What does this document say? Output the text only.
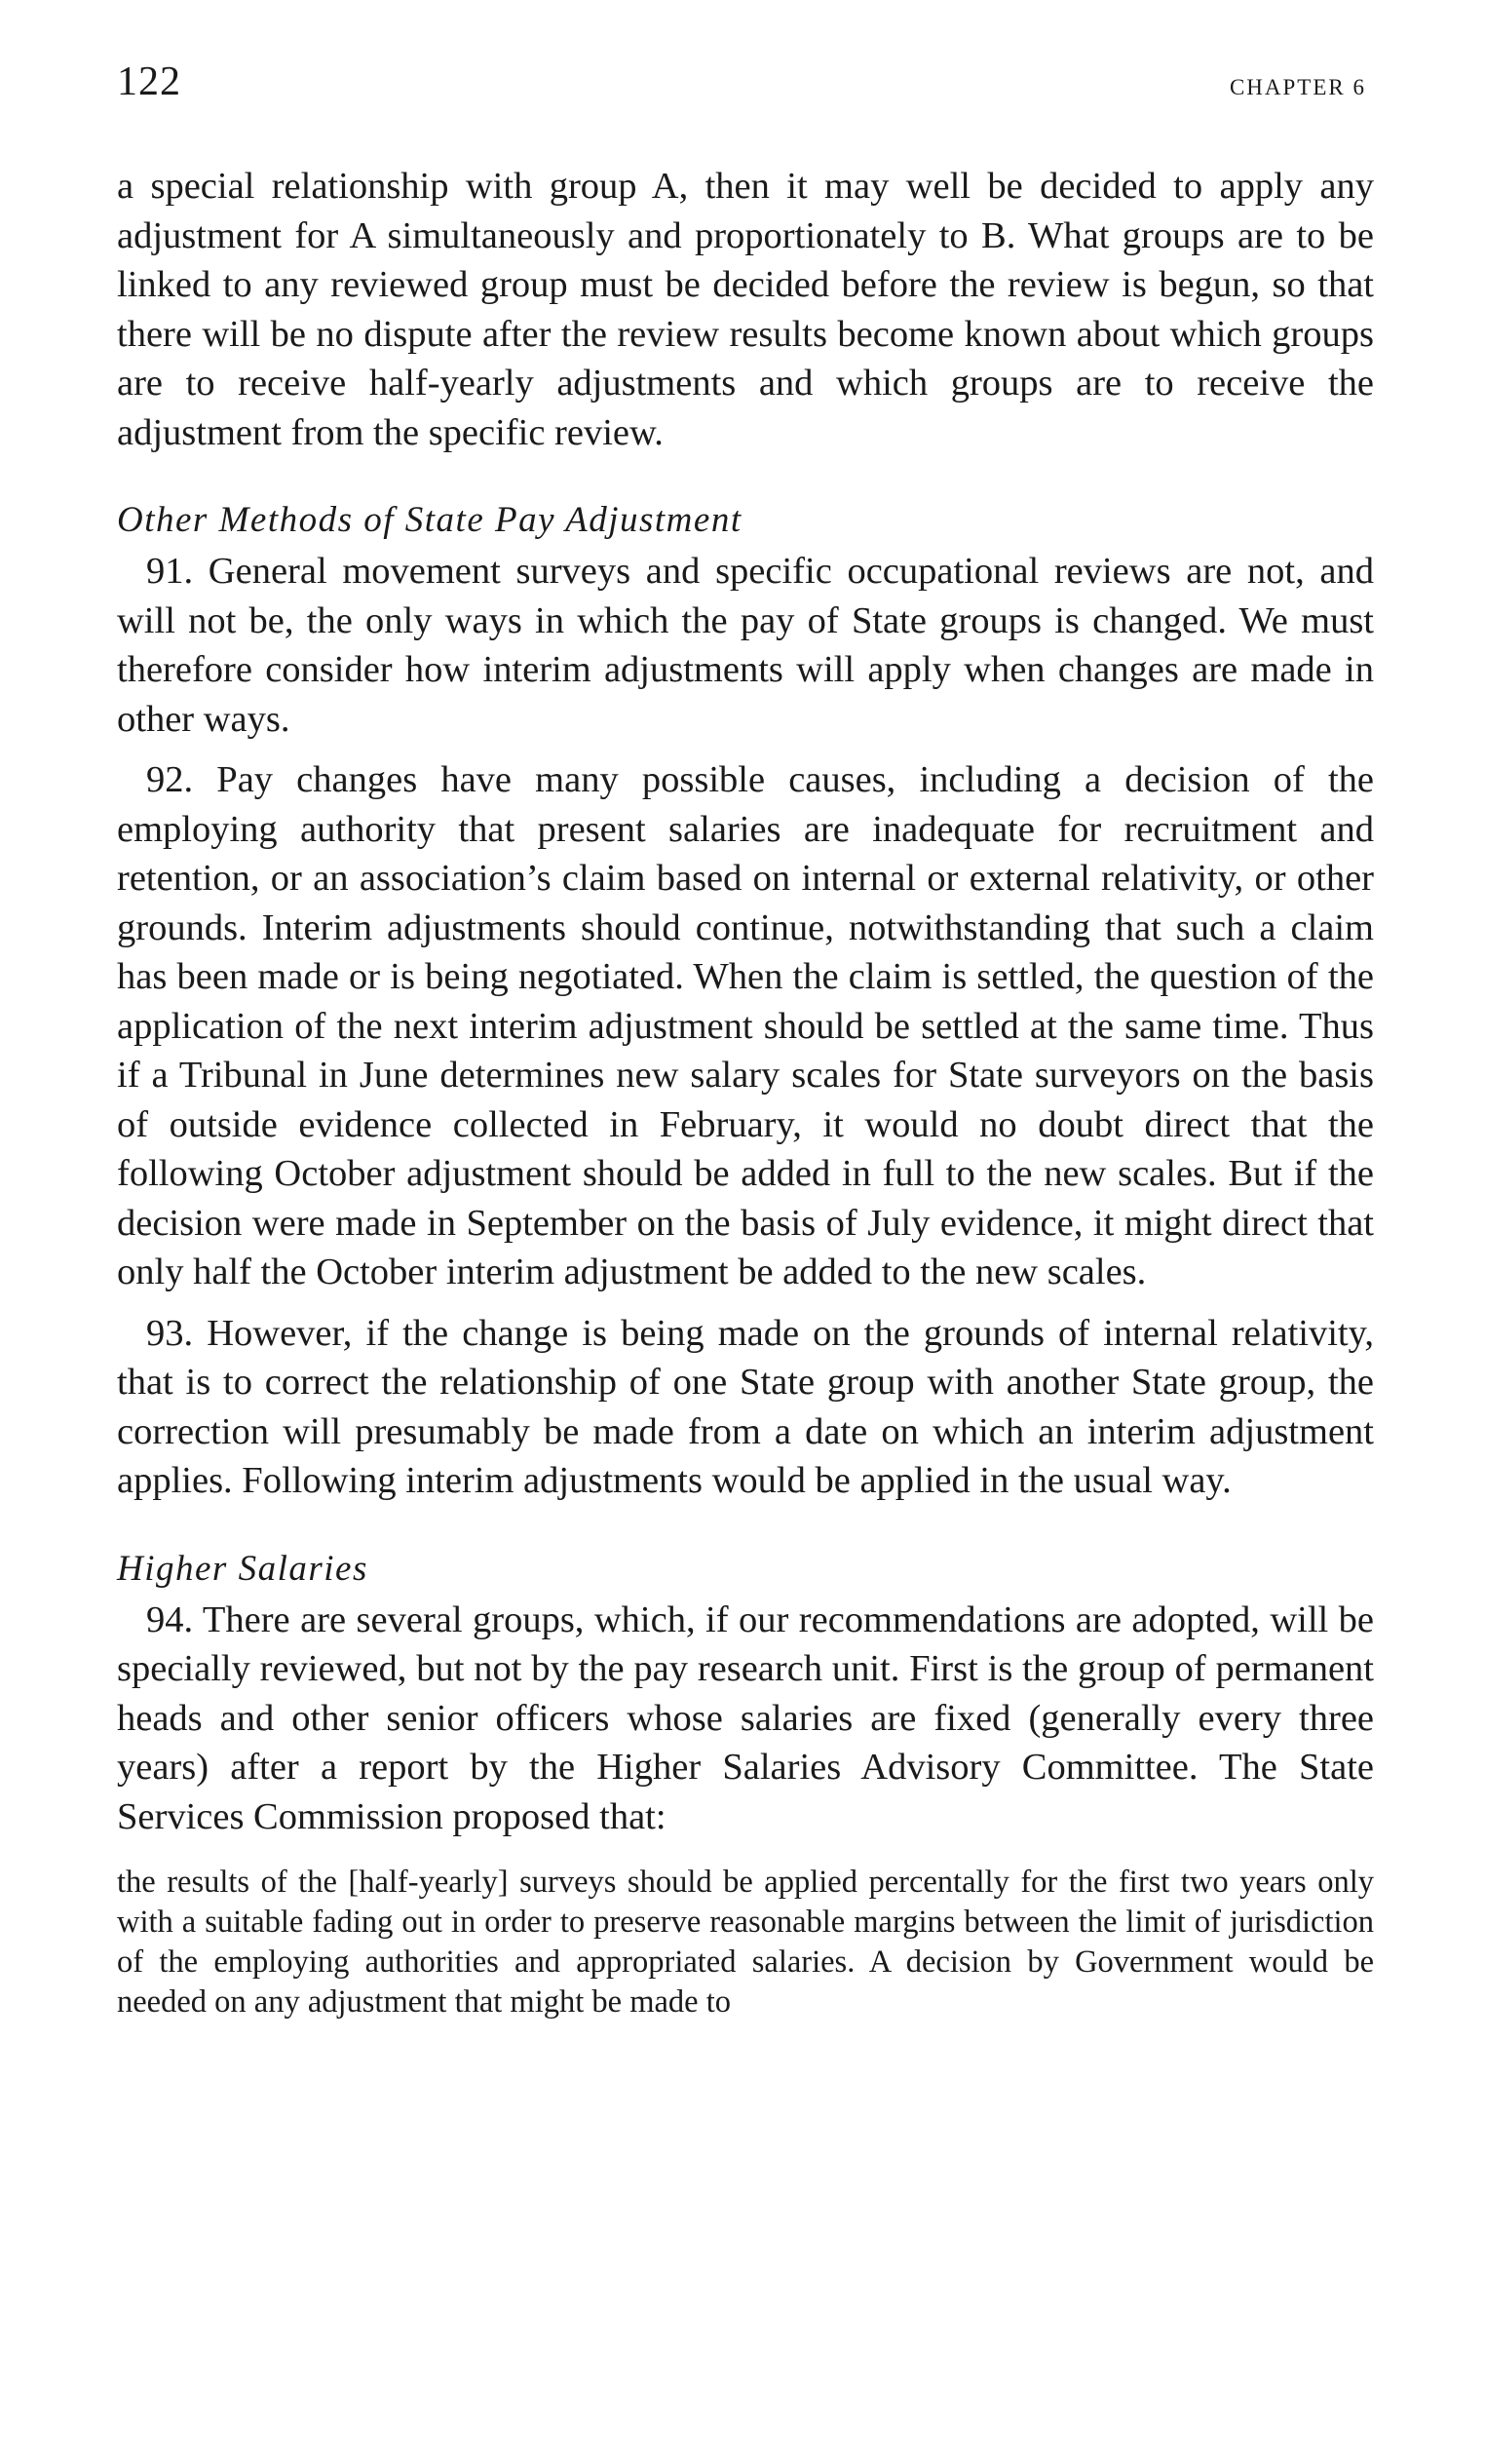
122	CHAPTER 6

a special relationship with group A, then it may well be decided to apply any adjustment for A simultaneously and proportionately to B. What groups are to be linked to any reviewed group must be decided before the review is begun, so that there will be no dispute after the review results become known about which groups are to receive half-yearly adjustments and which groups are to receive the adjustment from the specific review.

Other Methods of State Pay Adjustment

91. General movement surveys and specific occupational reviews are not, and will not be, the only ways in which the pay of State groups is changed. We must therefore consider how interim adjustments will apply when changes are made in other ways.

92. Pay changes have many possible causes, including a decision of the employing authority that present salaries are inadequate for recruitment and retention, or an association’s claim based on internal or external relativity, or other grounds. Interim adjustments should continue, notwithstanding that such a claim has been made or is being negotiated. When the claim is settled, the question of the application of the next interim adjustment should be settled at the same time. Thus if a Tribunal in June determines new salary scales for State surveyors on the basis of outside evidence collected in February, it would no doubt direct that the following October adjustment should be added in full to the new scales. But if the decision were made in September on the basis of July evidence, it might direct that only half the October interim adjustment be added to the new scales.

93. However, if the change is being made on the grounds of internal relativity, that is to correct the relationship of one State group with another State group, the correction will presumably be made from a date on which an interim adjustment applies. Following interim adjustments would be applied in the usual way.

Higher Salaries

94. There are several groups, which, if our recommendations are adopted, will be specially reviewed, but not by the pay research unit. First is the group of permanent heads and other senior officers whose salaries are fixed (generally every three years) after a report by the Higher Salaries Advisory Committee. The State Services Commission proposed that:

the results of the [half-yearly] surveys should be applied percentally for the first two years only with a suitable fading out in order to preserve reasonable margins between the limit of jurisdiction of the employing authorities and appropriated salaries. A decision by Government would be needed on any adjustment that might be made to
